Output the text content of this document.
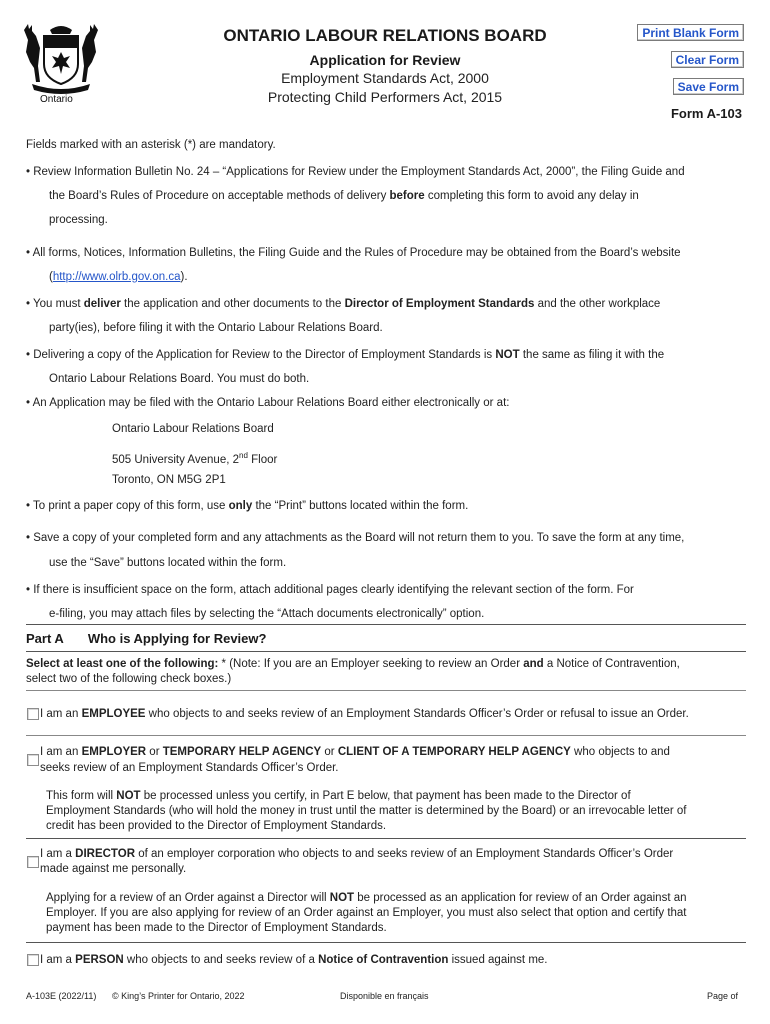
Ontario
ONTARIO LABOUR RELATIONS BOARD
Application for Review
Employment Standards Act, 2000
Protecting Child Performers Act, 2015
Print Blank Form
Clear Form
Save Form
Form A-103
Fields marked with an asterisk (*) are mandatory.
• Review Information Bulletin No. 24 – “Applications for Review under the Employment Standards Act, 2000”, the Filing Guide and
the Board’s Rules of Procedure on acceptable methods of delivery before completing this form to avoid any delay in
processing.
• All forms, Notices, Information Bulletins, the Filing Guide and the Rules of Procedure may be obtained from the Board’s website
(http://www.olrb.gov.on.ca).
• You must deliver the application and other documents to the Director of Employment Standards and the other workplace
party(ies), before filing it with the Ontario Labour Relations Board.
• Delivering a copy of the Application for Review to the Director of Employment Standards is NOT the same as filing it with the
Ontario Labour Relations Board. You must do both.
• An Application may be filed with the Ontario Labour Relations Board either electronically or at:
Ontario Labour Relations Board
505 University Avenue, 2nd Floor
Toronto, ON M5G 2P1
• To print a paper copy of this form, use only the “Print” buttons located within the form.
• Save a copy of your completed form and any attachments as the Board will not return them to you. To save the form at any time,
use the “Save” buttons located within the form.
• If there is insufficient space on the form, attach additional pages clearly identifying the relevant section of the form. For
e-filing, you may attach files by selecting the “Attach documents electronically” option.
Part A Who is Applying for Review?
Select at least one of the following: * (Note: If you are an Employer seeking to review an Order and a Notice of Contravention,
select two of the following check boxes.)
I am an EMPLOYEE who objects to and seeks review of an Employment Standards Officer’s Order or refusal to issue an Order.
I am an EMPLOYER or TEMPORARY HELP AGENCY or CLIENT OF A TEMPORARY HELP AGENCY who objects to and
seeks review of an Employment Standards Officer’s Order.
This form will NOT be processed unless you certify, in Part E below, that payment has been made to the Director of
Employment Standards (who will hold the money in trust until the matter is determined by the Board) or an irrevocable letter of
credit has been provided to the Director of Employment Standards.
I am a DIRECTOR of an employer corporation who objects to and seeks review of an Employment Standards Officer’s Order
made against me personally.
Applying for a review of an Order against a Director will NOT be processed as an application for review of an Order against an
Employer. If you are also applying for review of an Order against an Employer, you must also select that option and certify that
payment has been made to the Director of Employment Standards.
I am a PERSON who objects to and seeks review of a Notice of Contravention issued against me.
A-103E (2022/11) © King’s Printer for Ontario, 2022	Disponible en français	Page of
